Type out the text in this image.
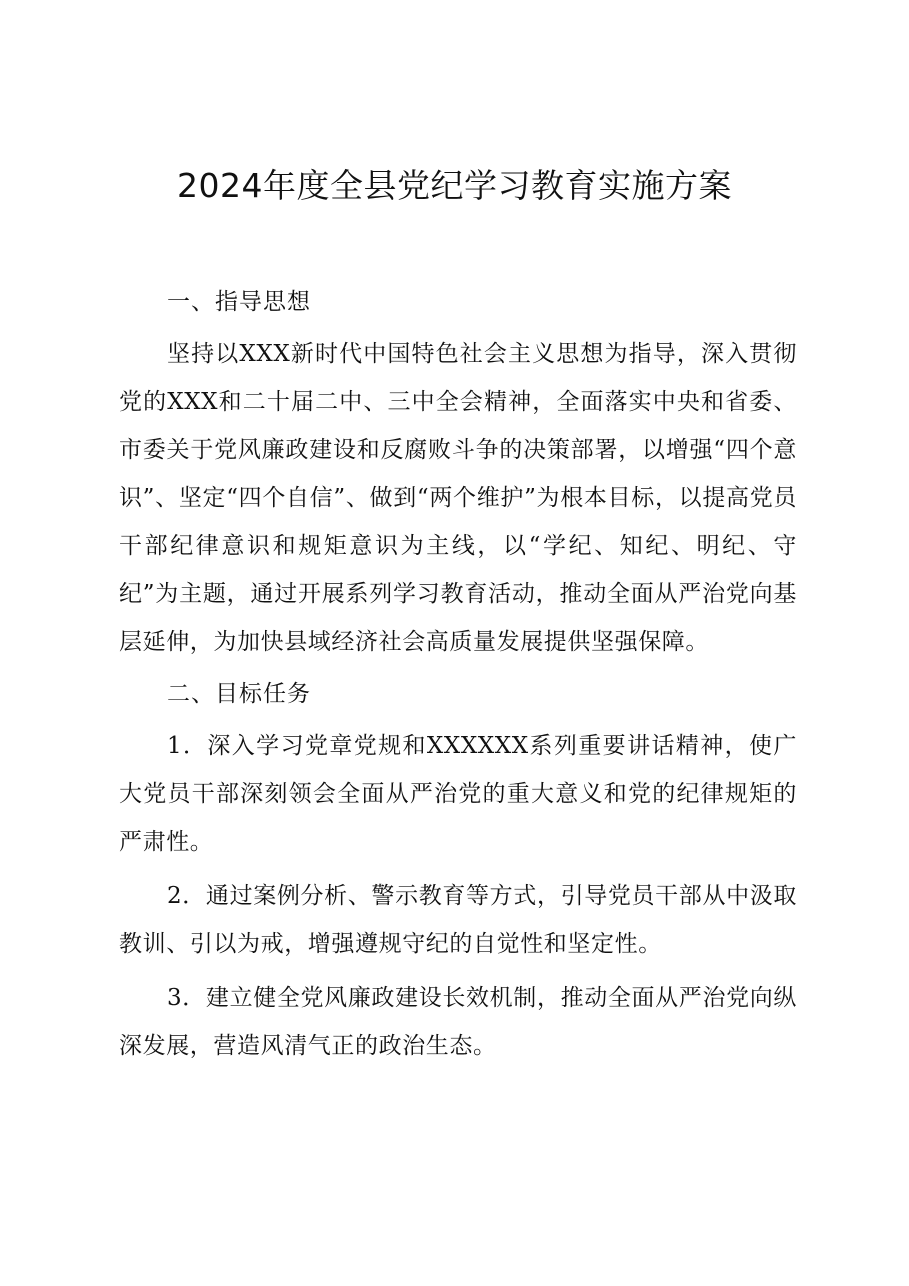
2024年度全县党纪学习教育实施方案
一、指导思想

坚持以XXX新时代中国特色社会主义思想为指导，深入贯彻党的XXX和二十届二中、三中全会精神，全面落实中央和省委、市委关于党风廉政建设和反腐败斗争的决策部署，以增强“四个意识”、坚定“四个自信”、做到“两个维护”为根本目标，以提高党员干部纪律意识和规矩意识为主线，以“学纪、知纪、明纪、守纪”为主题，通过开展系列学习教育活动，推动全面从严治党向基层延伸，为加快县域经济社会高质量发展提供坚强保障。

二、目标任务

1．深入学习党章党规和XXXXXX系列重要讲话精神，使广大党员干部深刻领会全面从严治党的重大意义和党的纪律规矩的严肃性。

2．通过案例分析、警示教育等方式，引导党员干部从中汲取教训、引以为戒，增强遵规守纪的自觉性和坚定性。

3．建立健全党风廉政建设长效机制，推动全面从严治党向纵深发展，营造风清气正的政治生态。
